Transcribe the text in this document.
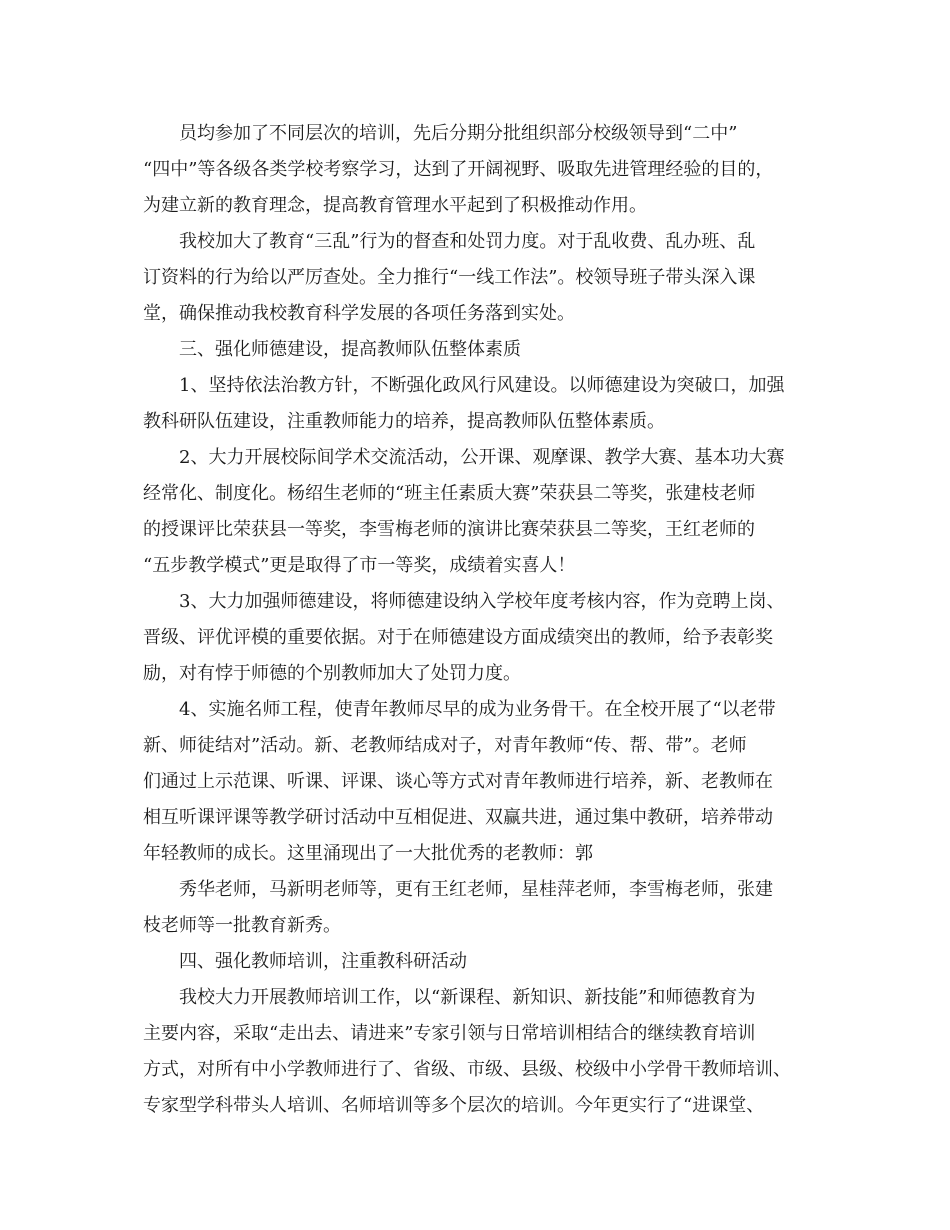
员均参加了不同层次的培训，先后分期分批组织部分校级领导到“二中”
“四中”等各级各类学校考察学习，达到了开阔视野、吸取先进管理经验的目的，
为建立新的教育理念，提高教育管理水平起到了积极推动作用。
我校加大了教育“三乱”行为的督查和处罚力度。对于乱收费、乱办班、乱
订资料的行为给以严厉查处。全力推行“一线工作法”。校领导班子带头深入课
堂，确保推动我校教育科学发展的各项任务落到实处。
三、强化师德建设，提高教师队伍整体素质
1、坚持依法治教方针，不断强化政风行风建设。以师德建设为突破口，加强
教科研队伍建设，注重教师能力的培养，提高教师队伍整体素质。
2、大力开展校际间学术交流活动，公开课、观摩课、教学大赛、基本功大赛
经常化、制度化。杨绍生老师的“班主任素质大赛”荣获县二等奖，张建枝老师
的授课评比荣获县一等奖，李雪梅老师的演讲比赛荣获县二等奖，王红老师的
“五步教学模式”更是取得了市一等奖，成绩着实喜人！
3、大力加强师德建设，将师德建设纳入学校年度考核内容，作为竞聘上岗、
晋级、评优评模的重要依据。对于在师德建设方面成绩突出的教师，给予表彰奖
励，对有悖于师德的个别教师加大了处罚力度。
4、实施名师工程，使青年教师尽早的成为业务骨干。在全校开展了“以老带
新、师徒结对”活动。新、老教师结成对子，对青年教师“传、帮、带”。老师
们通过上示范课、听课、评课、谈心等方式对青年教师进行培养，新、老教师在
相互听课评课等教学研讨活动中互相促进、双赢共进，通过集中教研，培养带动
年轻教师的成长。这里涌现出了一大批优秀的老教师：郭
秀华老师，马新明老师等，更有王红老师，星桂萍老师，李雪梅老师，张建
枝老师等一批教育新秀。
四、强化教师培训，注重教科研活动
我校大力开展教师培训工作，以“新课程、新知识、新技能”和师德教育为
主要内容，采取“走出去、请进来”专家引领与日常培训相结合的继续教育培训
方式，对所有中小学教师进行了、省级、市级、县级、校级中小学骨干教师培训、
专家型学科带头人培训、名师培训等多个层次的培训。今年更实行了“进课堂、
